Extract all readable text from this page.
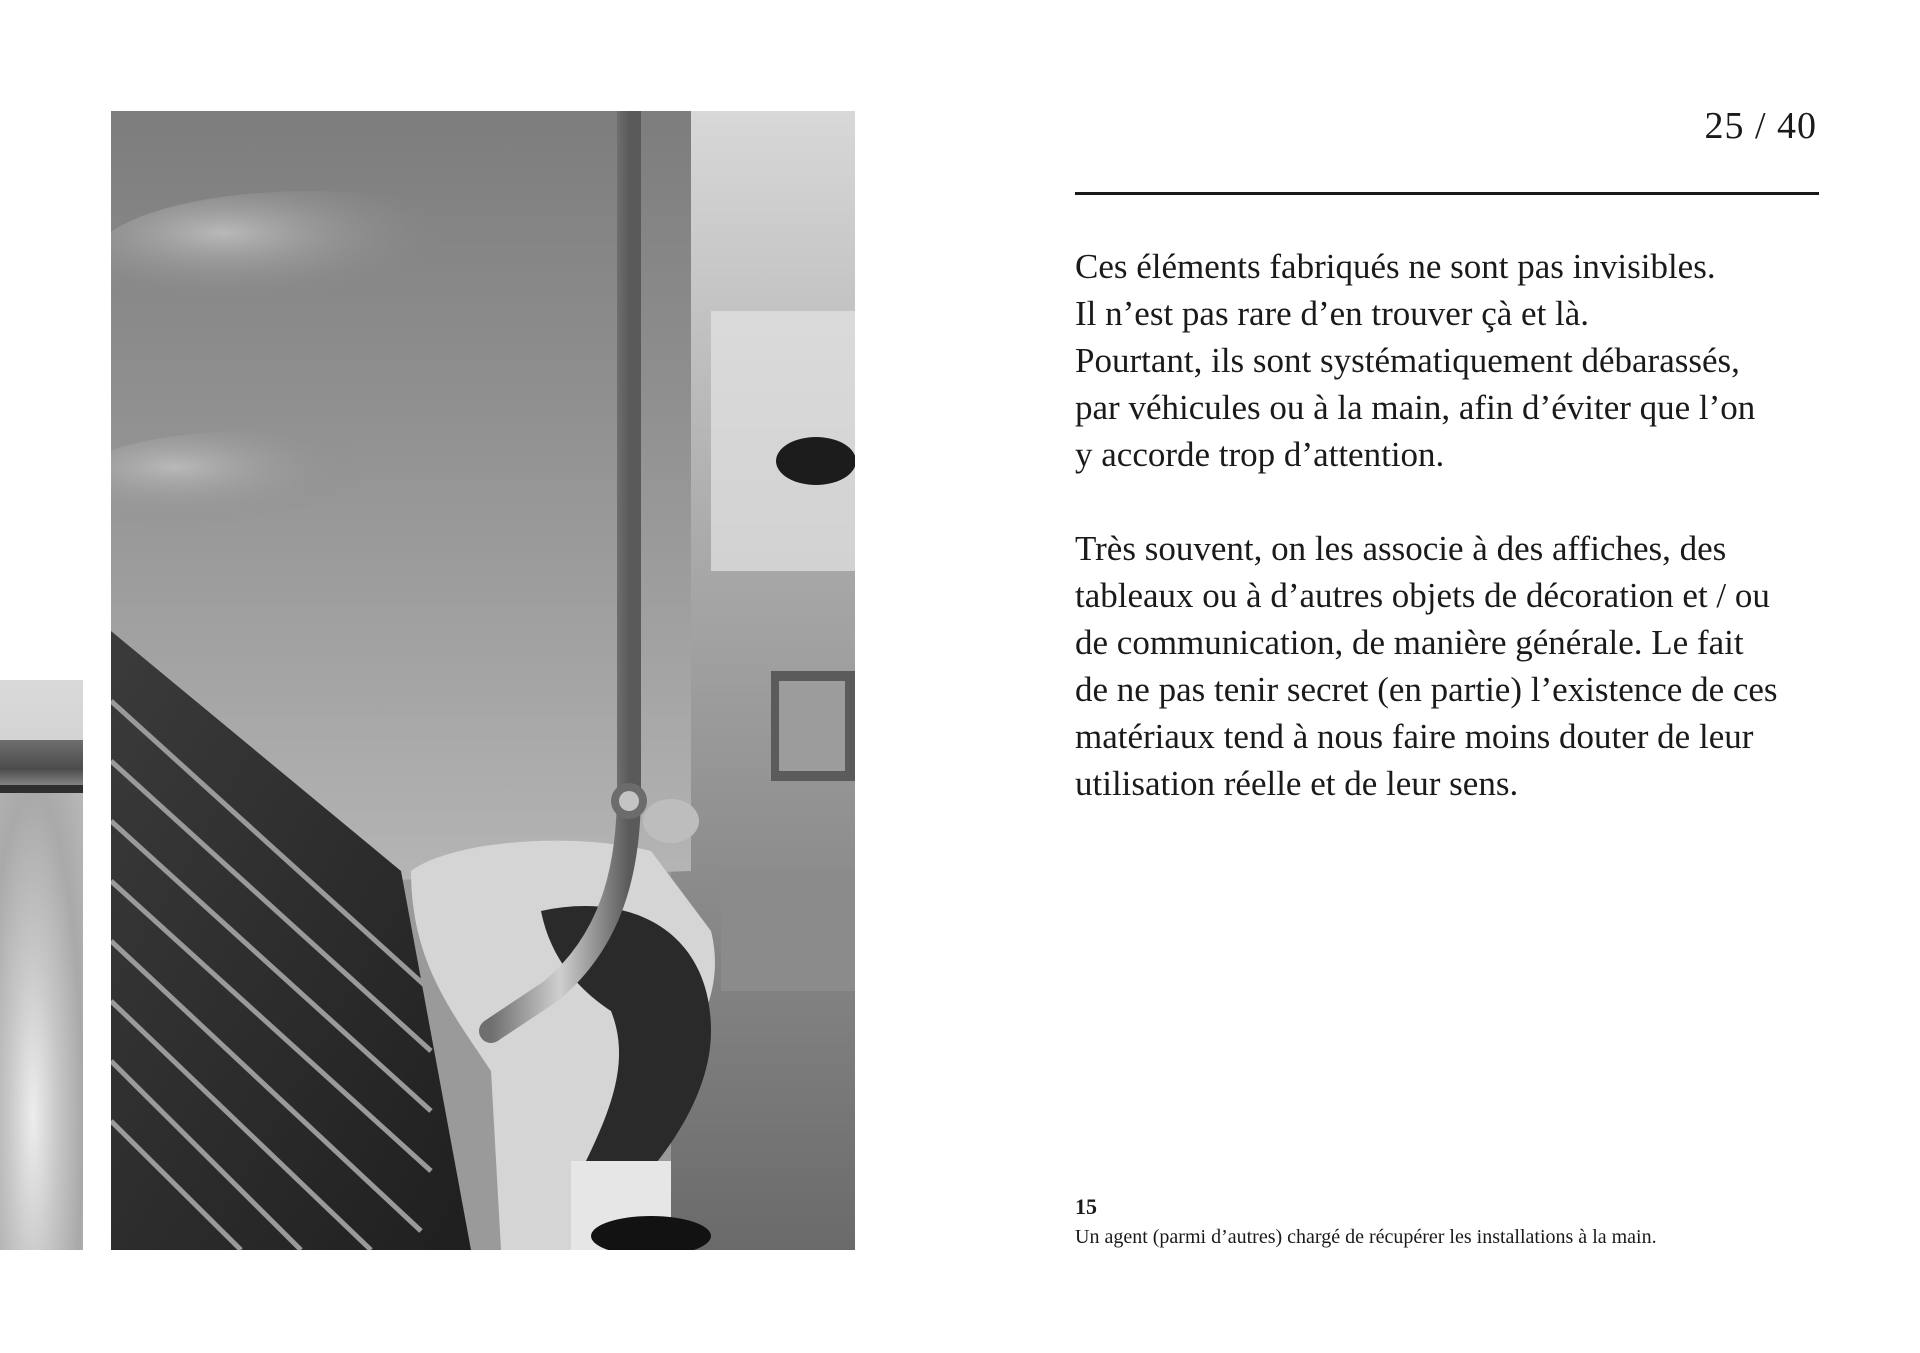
25 / 40

Ces éléments fabriqués ne sont pas invisibles.
Il n’est pas rare d’en trouver çà et là.
Pourtant, ils sont systématiquement débarassés,
par véhicules ou à la main, afin d’éviter que l’on
y accorde trop d’attention.

Très souvent, on les associe à des affiches, des
tableaux ou à d’autres objets de décoration et / ou
de communication, de manière générale. Le fait
de ne pas tenir secret (en partie) l’existence de ces
matériaux tend à nous faire moins douter de leur
utilisation réelle et de leur sens.

15
Un agent (parmi d’autres) chargé de récupérer les installations à la main.
